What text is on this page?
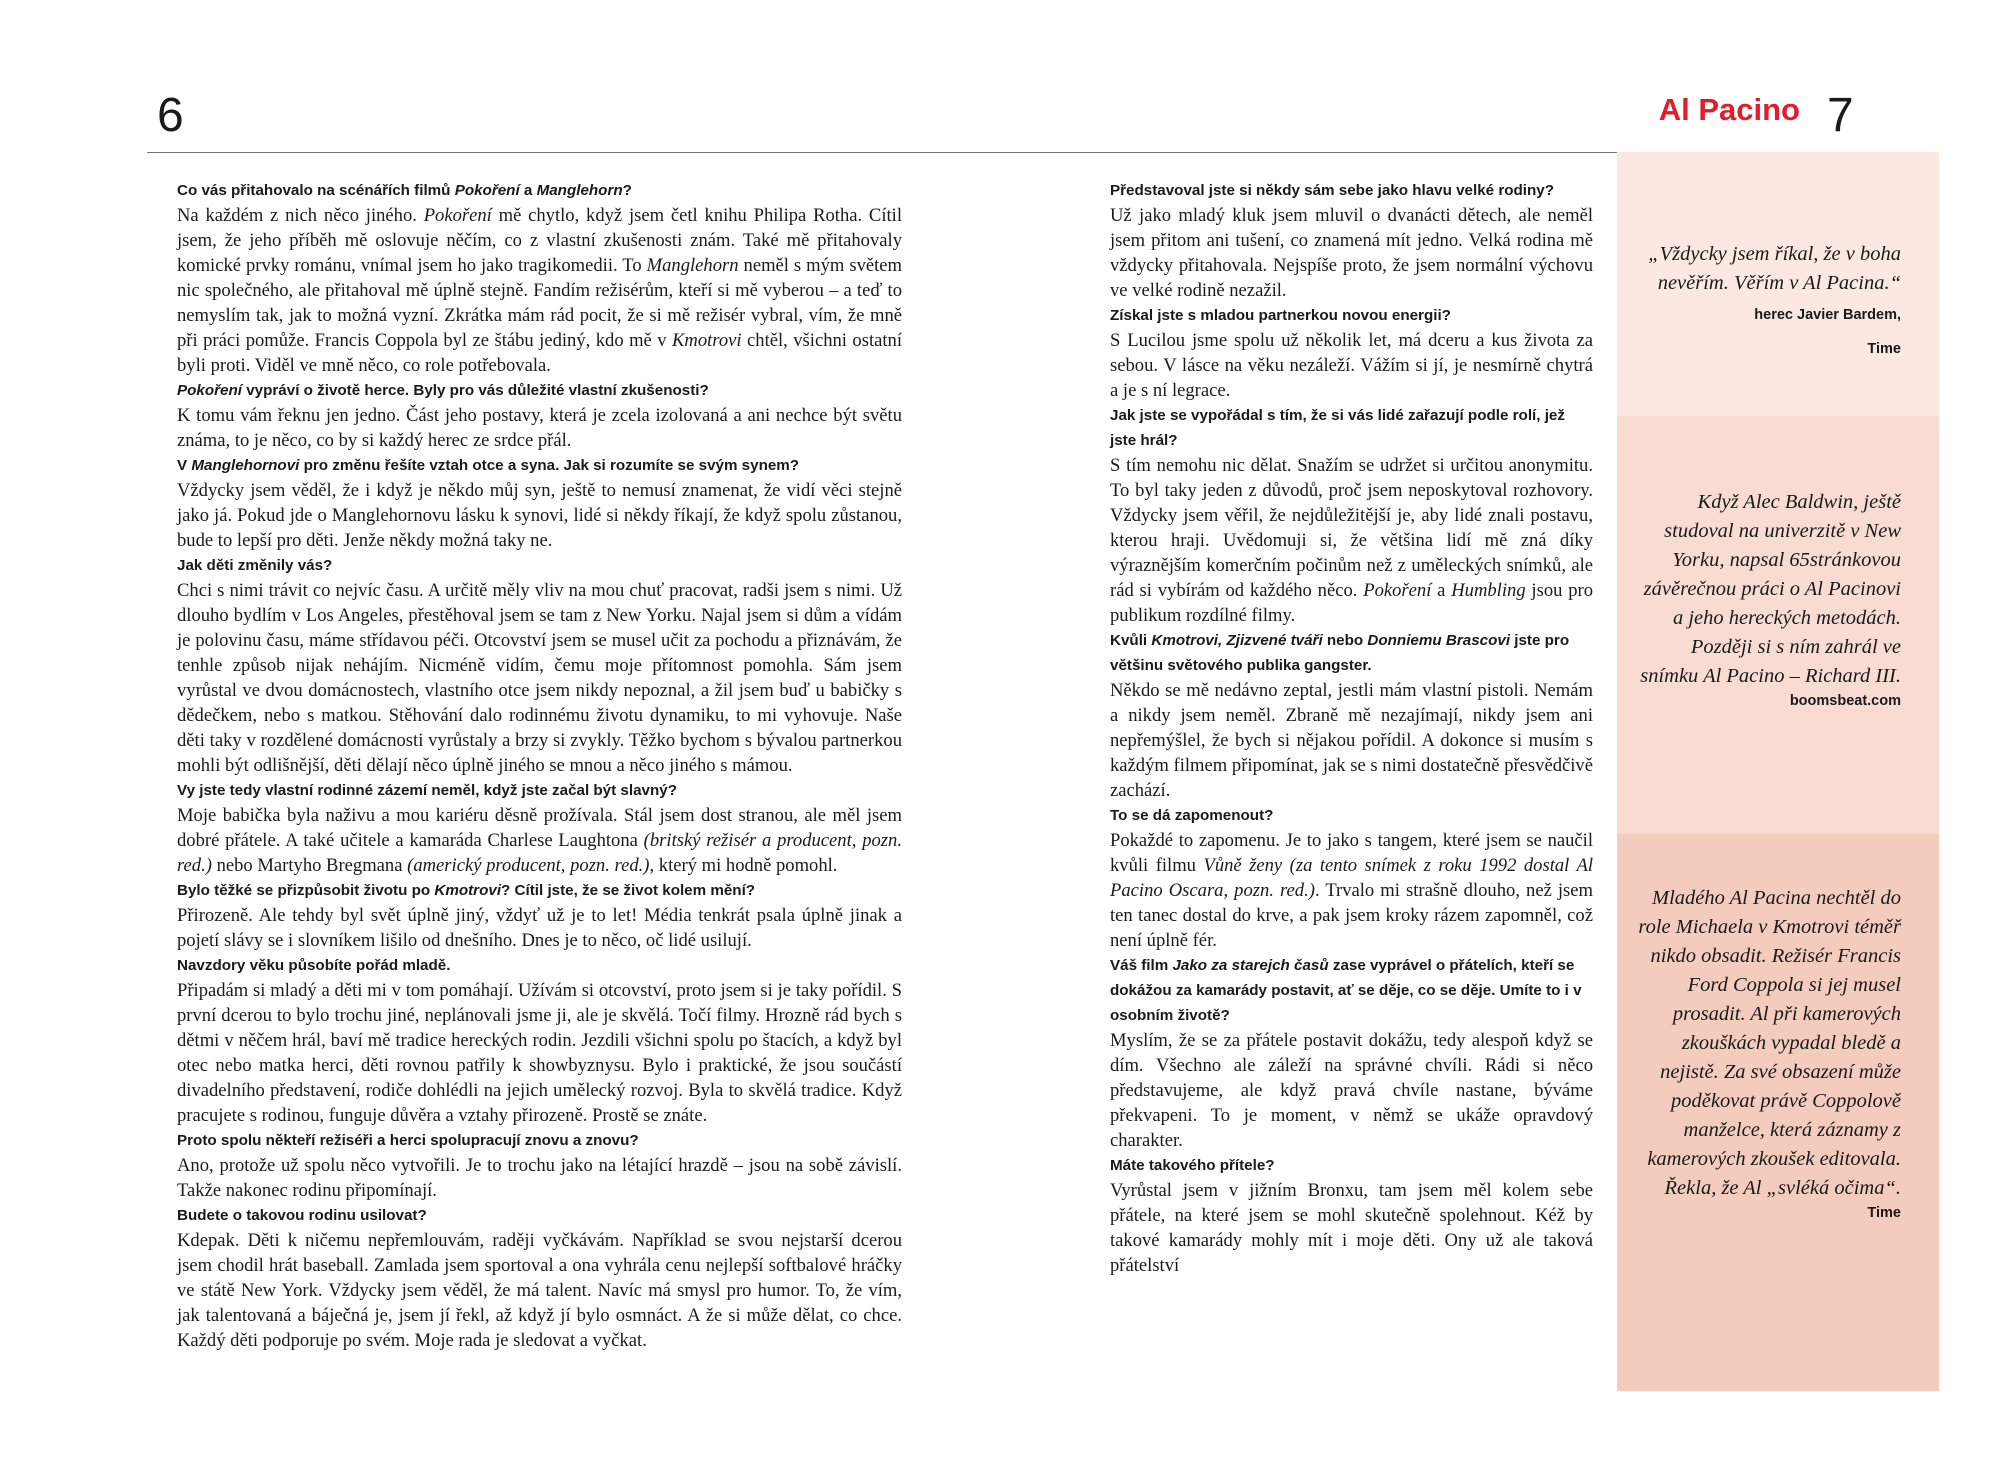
6	Al Pacino 7

Co vás přitahovalo na scénářích filmů Pokoření a Manglehorn?

Na každém z nich něco jiného. Pokoření mě chytlo, když jsem četl knihu Philipa Rotha. Cítil jsem, že jeho příběh mě oslovuje něčím, co z vlastní zkušenosti znám. Také mě přitahovaly komické prvky románu, vnímal jsem ho jako tragikomedii. To Manglehorn neměl s mým světem nic společného, ale přitahoval mě úplně stejně. Fandím režisérům, kteří si mě vyberou – a teď to nemyslím tak, jak to možná vyzní. Zkrátka mám rád pocit, že si mě režisér vybral, vím, že mně při práci pomůže. Francis Coppola byl ze štábu jediný, kdo mě v Kmotrovi chtěl, všichni ostatní byli proti. Viděl ve mně něco, co role potřebovala.

Pokoření vypráví o životě herce. Byly pro vás důležité vlastní zkušenosti?

K tomu vám řeknu jen jedno. Část jeho postavy, která je zcela izolovaná a ani nechce být světu známa, to je něco, co by si každý herec ze srdce přál.

V Manglehornovi pro změnu řešíte vztah otce a syna. Jak si rozumíte se svým synem?

Vždycky jsem věděl, že i když je někdo můj syn, ještě to nemusí znamenat, že vidí věci stejně jako já. Pokud jde o Manglehornovu lásku k synovi, lidé si někdy říkají, že když spolu zůstanou, bude to lepší pro děti. Jenže někdy možná taky ne.

Jak děti změnily vás?

Chci s nimi trávit co nejvíc času. A určitě měly vliv na mou chuť pracovat, radši jsem s nimi. Už dlouho bydlím v Los Angeles, přestěhoval jsem se tam z New Yorku. Najal jsem si dům a vídám je polovinu času, máme střídavou péči. Otcovství jsem se musel učit za pochodu a přiznávám, že tenhle způsob nijak neháјím. Nicméně vidím, čemu moje přítomnost pomohla. Sám jsem vyrůstal ve dvou domácnostech, vlastního otce jsem nikdy nepoznal, a žil jsem buď u babičky s dědečkem, nebo s matkou. Stěhování dalo rodinnému životu dynamiku, to mi vyhovuje. Naše děti taky v rozdělené domácnosti vyrůstaly a brzy si zvykly. Těžko bychom s bývalou partnerkou mohli být odlišnější, děti dělají něco úplně jiného se mnou a něco jiného s mámou.

Vy jste tedy vlastní rodinné zázemí neměl, když jste začal být slavný?

Moje babička byla naživu a mou kariéru děsně prožívala. Stál jsem dost stranou, ale měl jsem dobré přátele. A také učitele a kamaráda Charlese Laughtona (britský režisér a producent, pozn. red.) nebo Martyho Bregmana (americký producent, pozn. red.), který mi hodně pomohl.

Bylo těžké se přizpůsobit životu po Kmotrovi? Cítil jste, že se život kolem mění?

Přirozeně. Ale tehdy byl svět úplně jiný, vždyť už je to let! Média tenkrát psala úplně jinak a pojetí slávy se i slovníkem lišilo od dnešního. Dnes je to něco, oč lidé usilují.

Navzdory věku působíte pořád mladě.

Připadám si mladý a děti mi v tom pomáhají. Užívám si otcovství, proto jsem si je taky pořídil. S první dcerou to bylo trochu jiné, neplánovali jsme ji, ale je skvělá. Točí filmy. Hrozně rád bych s dětmi v něčem hrál, baví mě tradice hereckých rodin. Jezdili všichni spolu po štacích, a když byl otec nebo matka herci, děti rovnou patřily k showbyznysu. Bylo i praktické, že jsou součástí divadelního představení, rodiče dohlédli na jejich umělecký rozvoj. Byla to skvělá tradice. Když pracujete s rodinou, funguje důvěra a vztahy přirozeně. Prostě se znáte.

Proto spolu někteří režiséři a herci spolupracují znovu a znovu?

Ano, protože už spolu něco vytvořili. Je to trochu jako na létající hrazdě – jsou na sobě závislí. Takže nakonec rodinu připomínají.

Budete o takovou rodinu usilovat?

Kdepak. Děti k ničemu nepřemlouvám, raději vyčkávám. Například se svou nejstarší dcerou jsem chodil hrát baseball. Zamlada jsem sportoval a ona vyhrála cenu nejlepší softbalové hráčky ve státě New York. Vždycky jsem věděl, že má talent. Navíc má smysl pro humor. To, že vím, jak talentovaná a báječná je, jsem jí řekl, až když jí bylo osmnáct. A že si může dělat, co chce. Každý děti podporuje po svém. Moje rada je sledovat a vyčkat.

Představoval jste si někdy sám sebe jako hlavu velké rodiny?

Už jako mladý kluk jsem mluvil o dvanácti dětech, ale neměl jsem přitom ani tušení, co znamená mít jedno. Velká rodina mě vždycky přitahovala. Nejspíše proto, že jsem normální výchovu ve velké rodině nezažil.

Získal jste s mladou partnerkou novou energii?

S Lucilou jsme spolu už několik let, má dceru a kus života za sebou. V lásce na věku nezáleží. Vážím si jí, je nesmírně chytrá a je s ní legrace.

Jak jste se vypořádal s tím, že si vás lidé zařazují podle rolí, jež jste hrál?

S tím nemohu nic dělat. Snažím se udržet si určitou anonymitu. To byl taky jeden z důvodů, proč jsem neposkytoval rozhovory. Vždycky jsem věřil, že nejdůležitější je, aby lidé znali postavu, kterou hraji. Uvědomuji si, že většina lidí mě zná díky výraznějším komerčním počinům než z uměleckých snímků, ale rád si vybírám od každého něco. Pokoření a Humbling jsou pro publikum rozdílné filmy.

Kvůli Kmotrovi, Zjizvené tváři nebo Donniemu Brascovi jste pro většinu světového publika gangster.

Někdo se mě nedávno zeptal, jestli mám vlastní pistoli. Nemám a nikdy jsem neměl. Zbraně mě nezajímají, nikdy jsem ani nepřemýšlel, že bych si nějakou pořídil. A dokonce si musím s každým filmem připomínat, jak se s nimi dostatečně přesvědčivě zachází.

To se dá zapomenout?

Pokaždé to zapomenu. Je to jako s tangem, které jsem se naučil kvůli filmu Vůně ženy (za tento snímek z roku 1992 dostal Al Pacino Oscara, pozn. red.). Trvalo mi strašně dlouho, než jsem ten tanec dostal do krve, a pak jsem kroky rázem zapomněl, což není úplně fér.

Váš film Jako za starejch časů zase vyprável o přátelích, kteří se dokážou za kamarády postavit, ať se děje, co se děje. Umíte to i v osobním životě?

Myslím, že se za přátele postavit dokážu, tedy alespoň když se dím. Všechno ale záleží na správné chvíli. Rádi si něco představujeme, ale když pravá chvíle nastane, býváme překvapeni. To je moment, v němž se ukáže opravdový charakter.

Máte takového přítele?

Vyrůstal jsem v jižním Bronxu, tam jsem měl kolem sebe přátele, na které jsem se mohl skutečně spolehnout. Kéž by takové kamarády mohly mít i moje děti. Ony už ale taková přátelství

„Vždycky jsem říkal, že v boha nevěřím. Věřím v Al Pacina.“

herec Javier Bardem,

Time

Když Alec Baldwin, ještě studoval na univerzitě v New Yorku, napsal 65stránkovou závěrečnou práci o Al Pacinovi a jeho hereckých metodách. Později si s ním zahrál ve snímku Al Pacino – Richard III.

boomsbeat.com

Mladého Al Pacina nechtěl do role Michaela v Kmotrovi téměř nikdo obsadit. Režisér Francis Ford Coppola si jej musel prosadit. Al při kamerových zkouškách vypadal bledě a nejistě. Za své obsazení může poděkovat právě Coppolově manželce, která záznamy z kamerových zkoušek editovala. Řekla, že Al „svléká očima“.

Time
